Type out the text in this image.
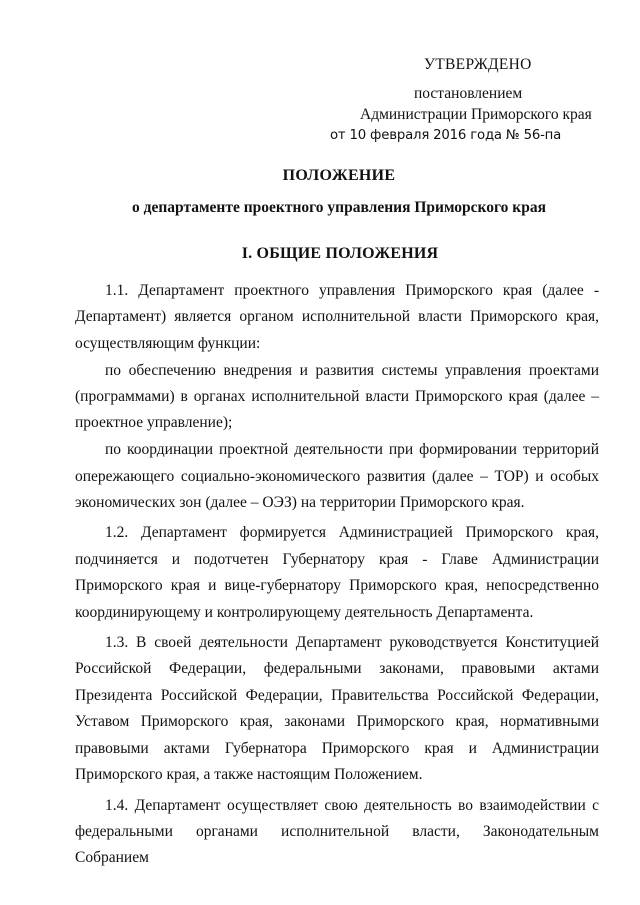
УТВЕРЖДЕНО
постановлением
Администрации Приморского края
от 10 февраля 2016 года № 56-па
ПОЛОЖЕНИЕ
о департаменте проектного управления Приморского края
I. ОБЩИЕ ПОЛОЖЕНИЯ

1.1. Департамент проектного управления Приморского края (далее - Департамент) является органом исполнительной власти Приморского края, осуществляющим функции:

по обеспечению внедрения и развития системы управления проектами (программами) в органах исполнительной власти Приморского края (далее – проектное управление);

по координации проектной деятельности при формировании территорий опережающего социально-экономического развития (далее – ТОР) и особых экономических зон (далее – ОЭЗ) на территории Приморского края.

1.2. Департамент формируется Администрацией Приморского края, подчиняется и подотчетен Губернатору края - Главе Администрации Приморского края и вице-губернатору Приморского края, непосредственно координирующему и контролирующему деятельность Департамента.

1.3. В своей деятельности Департамент руководствуется Конституцией Российской Федерации, федеральными законами, правовыми актами Президента Российской Федерации, Правительства Российской Федерации, Уставом Приморского края, законами Приморского края, нормативными правовыми актами Губернатора Приморского края и Администрации Приморского края, а также настоящим Положением.

1.4. Департамент осуществляет свою деятельность во взаимодействии с федеральными органами исполнительной власти, Законодательным Собранием
